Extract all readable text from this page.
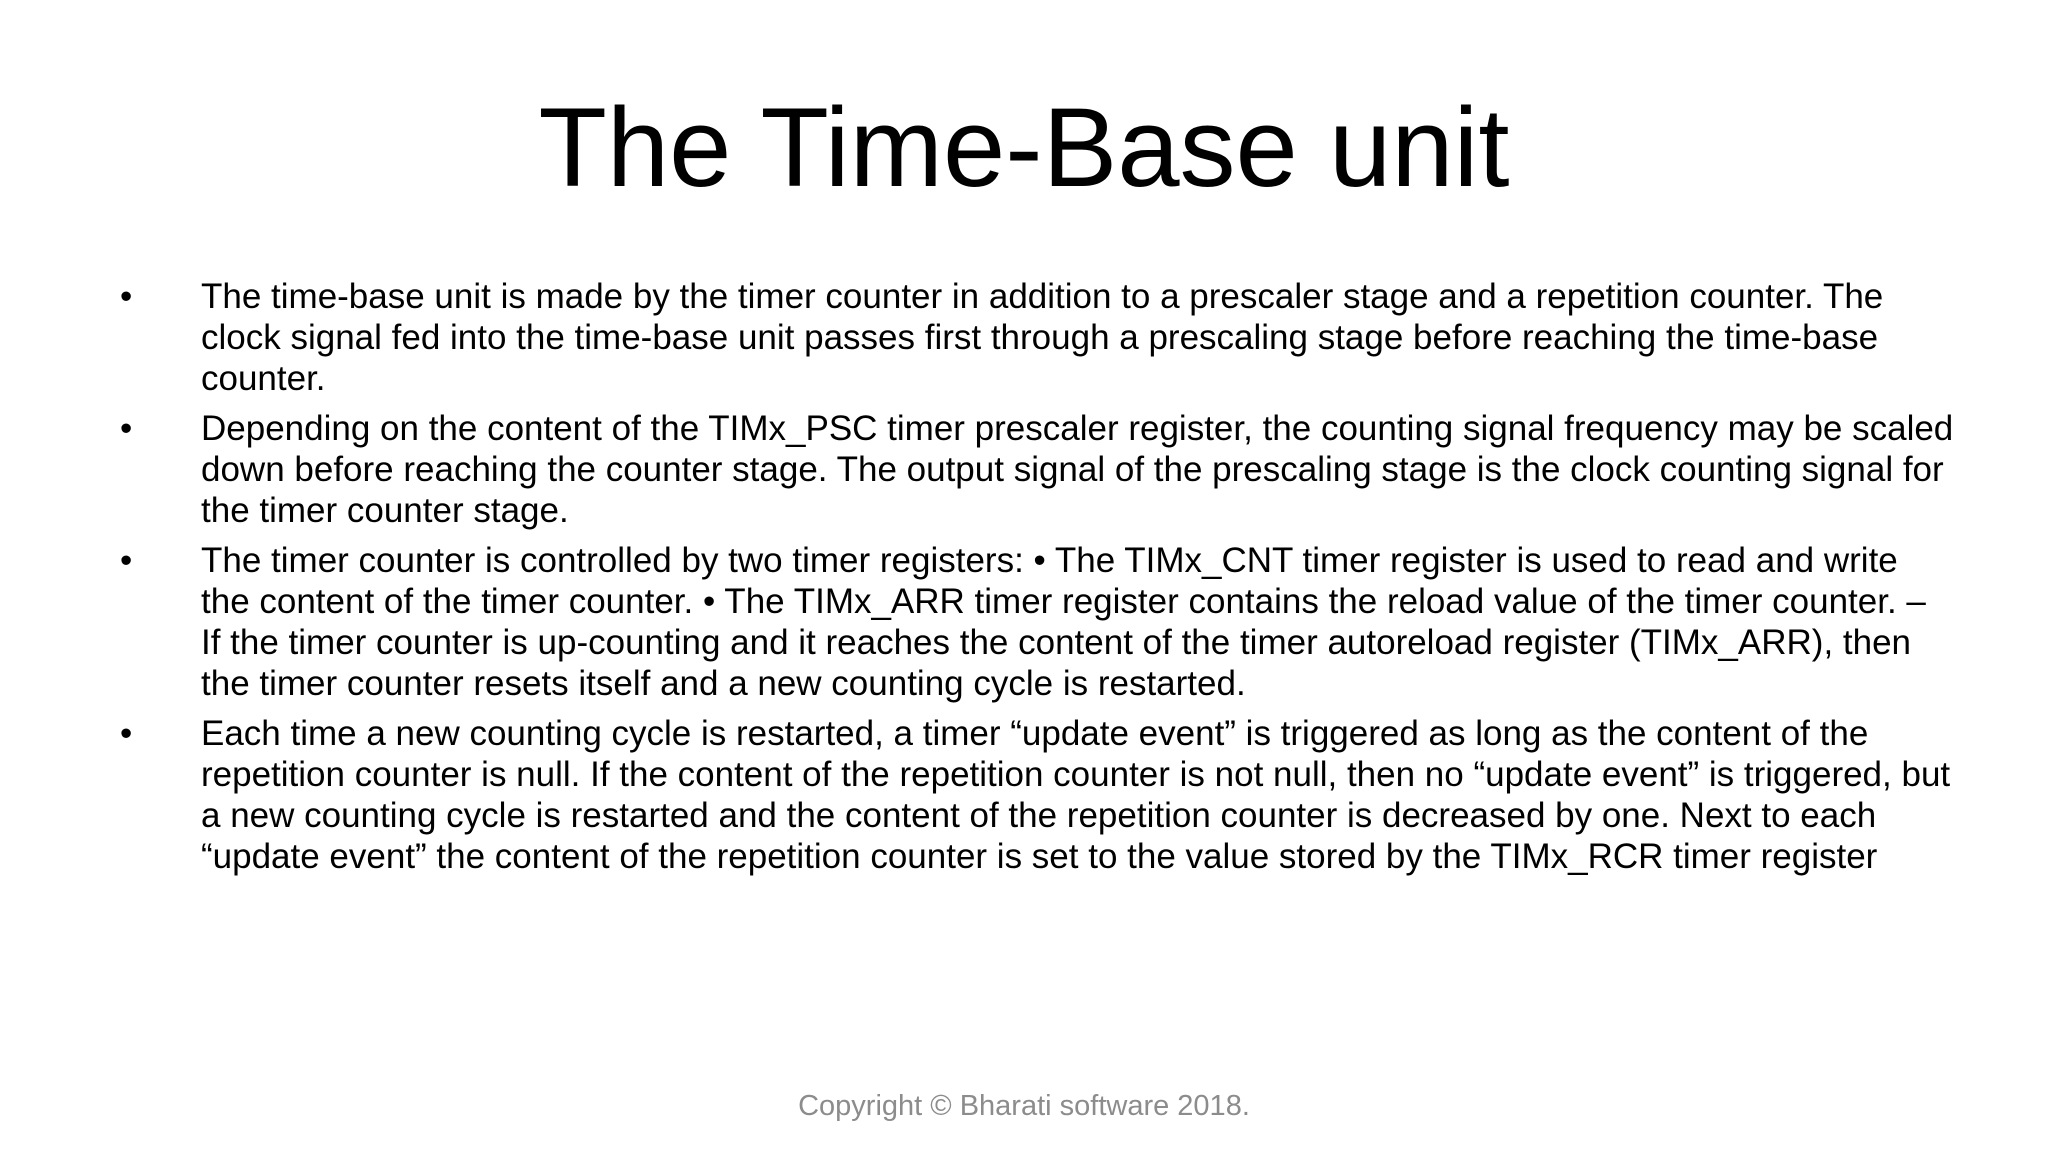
The Time-Base unit
•	The time-base unit is made by the timer counter in addition to a prescaler stage and a repetition counter. The clock signal fed into the time-base unit passes first through a prescaling stage before reaching the time-base counter.
•	Depending on the content of the TIMx_PSC timer prescaler register, the counting signal frequency may be scaled down before reaching the counter stage. The output signal of the prescaling stage is the clock counting signal for the timer counter stage.
•	The timer counter is controlled by two timer registers: • The TIMx_CNT timer register is used to read and write the content of the timer counter. • The TIMx_ARR timer register contains the reload value of the timer counter. – If the timer counter is up-counting and it reaches the content of the timer autoreload register (TIMx_ARR), then the timer counter resets itself and a new counting cycle is restarted.
•	Each time a new counting cycle is restarted, a timer “update event” is triggered as long as the content of the repetition counter is null. If the content of the repetition counter is not null, then no “update event” is triggered, but a new counting cycle is restarted and the content of the repetition counter is decreased by one. Next to each “update event” the content of the repetition counter is set to the value stored by the TIMx_RCR timer register
Copyright © Bharati software 2018.
